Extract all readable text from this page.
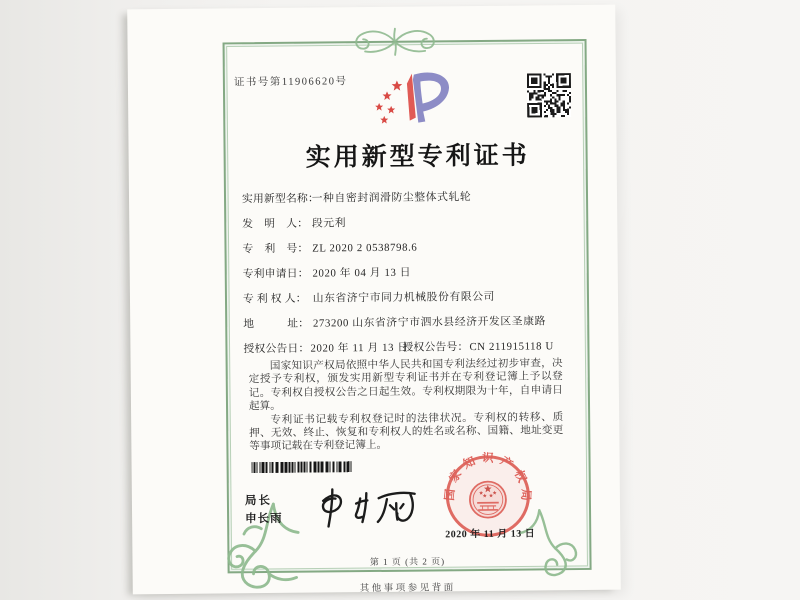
证书号第11906620号
实用新型专利证书
实用新型名称： 一种自密封润滑防尘整体式轧轮
发　明　人： 段元利
专　利　号： ZL 2020 2 0538798.6
专利申请日： 2020 年 04 月 13 日
专 利 权 人： 山东省济宁市同力机械股份有限公司
地　　　址： 273200 山东省济宁市泗水县经济开发区圣康路
授权公告日：2020 年 11 月 13 日
授权公告号：CN 211915118 U

国家知识产权局依照中华人民共和国专利法经过初步审查，决定授予专利权，颁发实用新型专利证书并在专利登记簿上予以登记。专利权自授权公告之日起生效。专利权期限为十年，自申请日起算。

专利证书记载专利权登记时的法律状况。专利权的转移、质押、无效、终止、恢复和专利权人的姓名或名称、国籍、地址变更等事项记载在专利登记簿上。

局长
申长雨
国家知识产权局
2020 年 11 月 13 日
第 1 页 (共 2 页)
其他事项参见背面
